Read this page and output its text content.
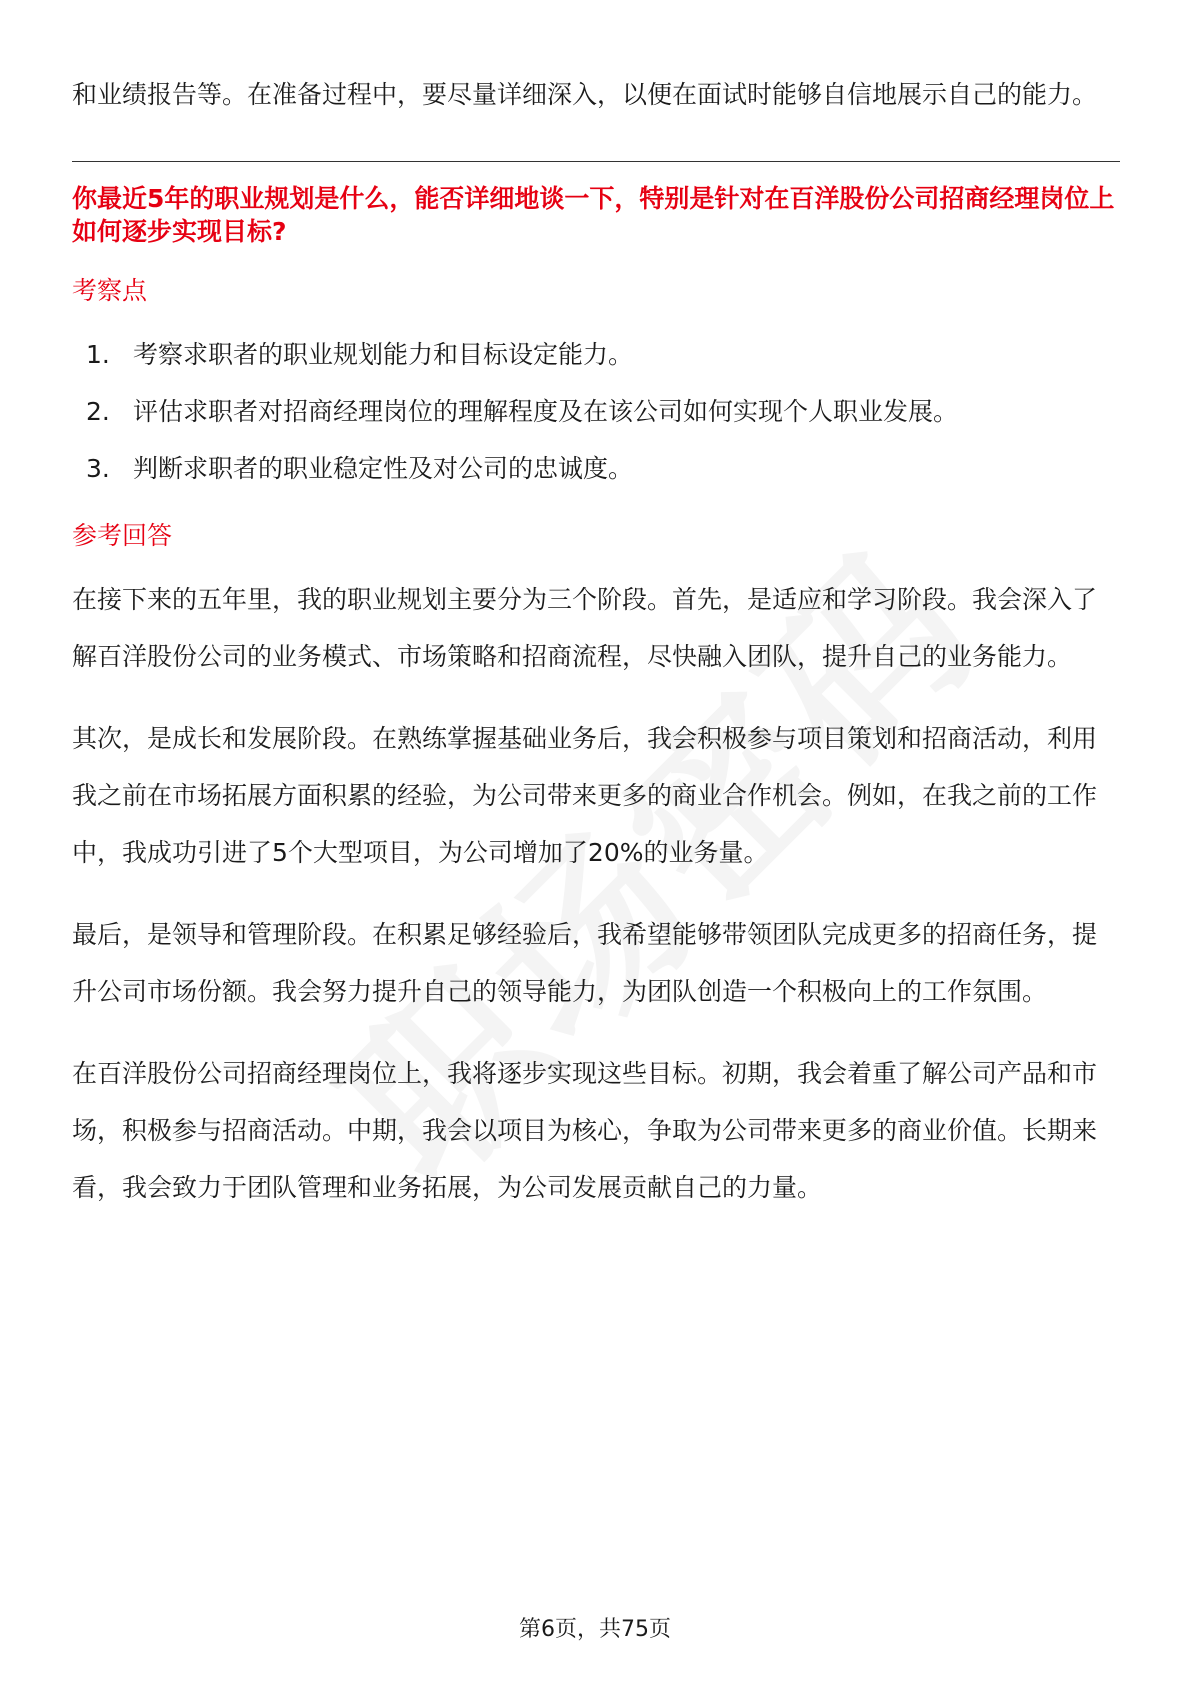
和业绩报告等。在准备过程中，要尽量详细深入，以便在面试时能够自信地展示自己的能力。

你最近5年的职业规划是什么，能否详细地谈一下，特别是针对在百洋股份公司招商经理岗位上如何逐步实现目标?
考察点
1. 考察求职者的职业规划能力和目标设定能力。
2. 评估求职者对招商经理岗位的理解程度及在该公司如何实现个人职业发展。
3. 判断求职者的职业稳定性及对公司的忠诚度。
参考回答

在接下来的五年里，我的职业规划主要分为三个阶段。首先，是适应和学习阶段。我会深入了解百洋股份公司的业务模式、市场策略和招商流程，尽快融入团队，提升自己的业务能力。

其次，是成长和发展阶段。在熟练掌握基础业务后，我会积极参与项目策划和招商活动，利用我之前在市场拓展方面积累的经验，为公司带来更多的商业合作机会。例如，在我之前的工作中，我成功引进了5个大型项目，为公司增加了20%的业务量。

最后，是领导和管理阶段。在积累足够经验后，我希望能够带领团队完成更多的招商任务，提升公司市场份额。我会努力提升自己的领导能力，为团队创造一个积极向上的工作氛围。

在百洋股份公司招商经理岗位上，我将逐步实现这些目标。初期，我会着重了解公司产品和市场，积极参与招商活动。中期，我会以项目为核心，争取为公司带来更多的商业价值。长期来看，我会致力于团队管理和业务拓展，为公司发展贡献自己的力量。

第6页，共75页
